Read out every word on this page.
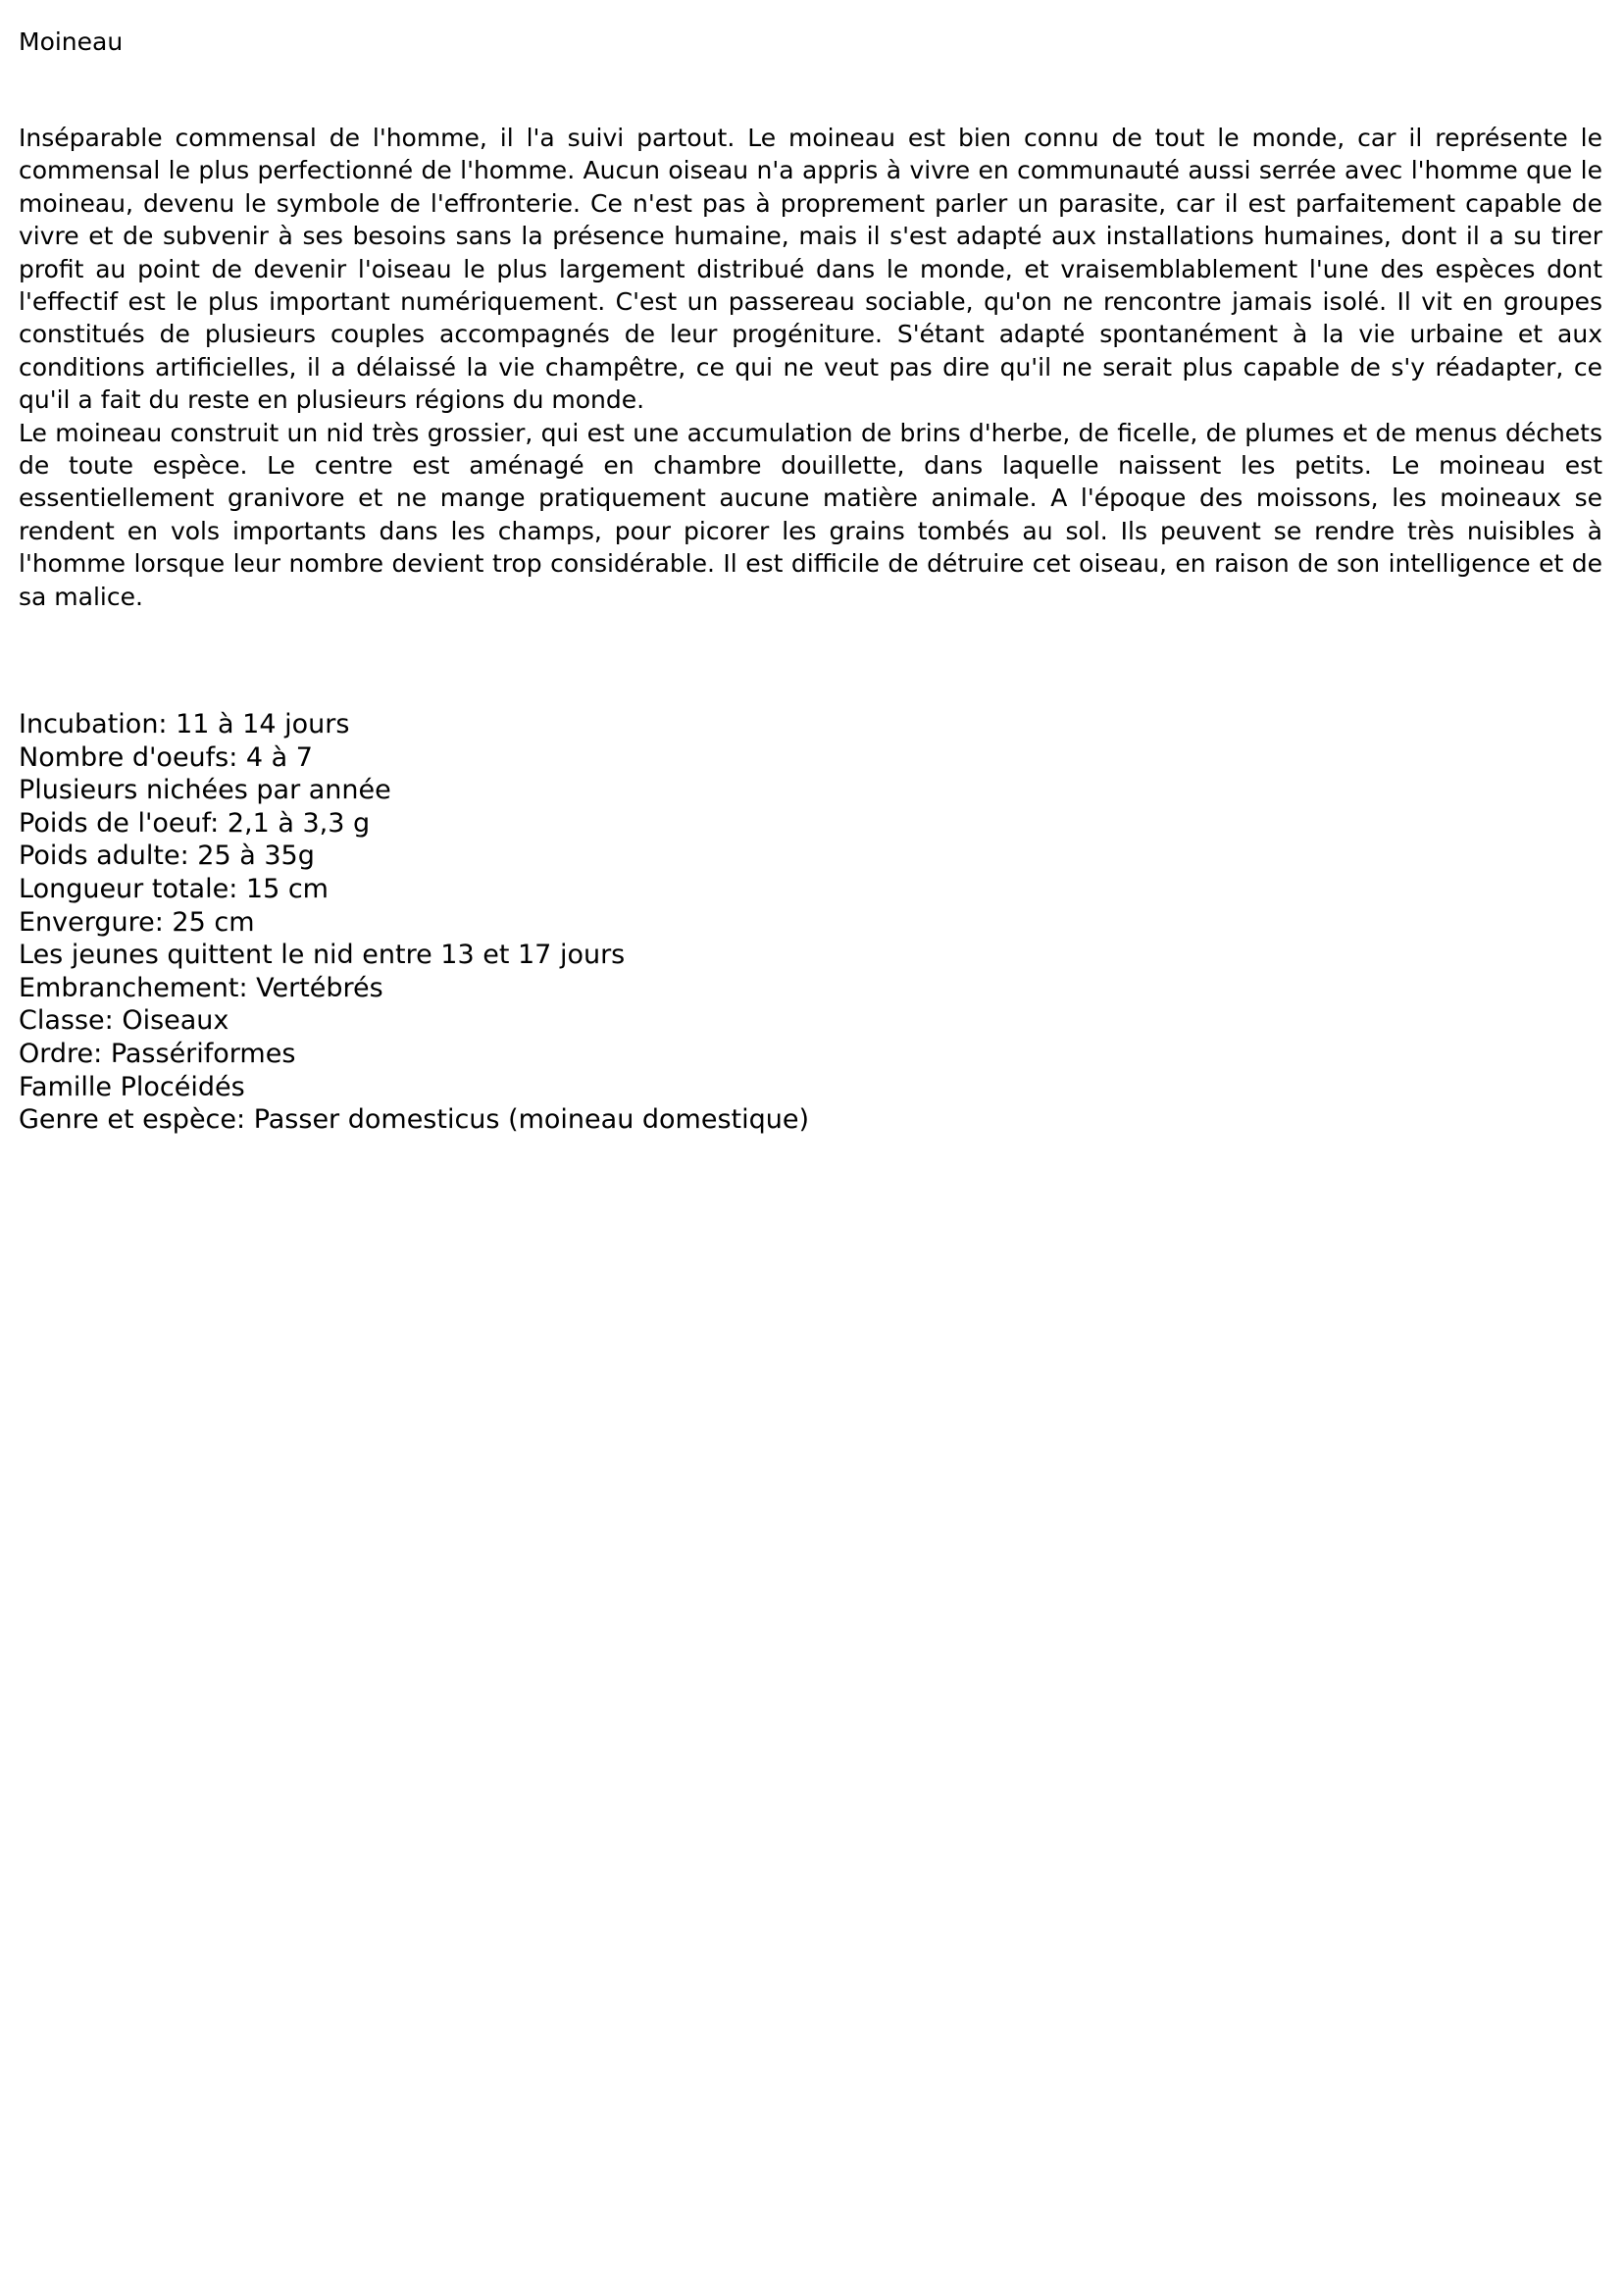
Moineau

Inséparable commensal de l'homme, il l'a suivi partout. Le moineau est bien connu de tout le monde, car il représente le commensal le plus perfectionné de l'homme. Aucun oiseau n'a appris à vivre en communauté aussi serrée avec l'homme que le moineau, devenu le symbole de l'effronterie. Ce n'est pas à proprement parler un parasite, car il est parfaitement capable de vivre et de subvenir à ses besoins sans la présence humaine, mais il s'est adapté aux installations humaines, dont il a su tirer profit au point de devenir l'oiseau le plus largement distribué dans le monde, et vraisemblablement l'une des espèces dont l'effectif est le plus important numériquement. C'est un passereau sociable, qu'on ne rencontre jamais isolé. Il vit en groupes constitués de plusieurs couples accompagnés de leur progéniture. S'étant adapté spontanément à la vie urbaine et aux conditions artificielles, il a délaissé la vie champêtre, ce qui ne veut pas dire qu'il ne serait plus capable de s'y réadapter, ce qu'il a fait du reste en plusieurs régions du monde.

Le moineau construit un nid très grossier, qui est une accumulation de brins d'herbe, de ficelle, de plumes et de menus déchets de toute espèce. Le centre est aménagé en chambre douillette, dans laquelle naissent les petits. Le moineau est essentiellement granivore et ne mange pratiquement aucune matière animale. A l'époque des moissons, les moineaux se rendent en vols importants dans les champs, pour picorer les grains tombés au sol. Ils peuvent se rendre très nuisibles à l'homme lorsque leur nombre devient trop considérable. Il est difficile de détruire cet oiseau, en raison de son intelligence et de sa malice.

Incubation: 11 à 14 jours
Nombre d'oeufs: 4 à 7
Plusieurs nichées par année
Poids de l'oeuf: 2,1 à 3,3 g
Poids adulte: 25 à 35g
Longueur totale: 15 cm
Envergure: 25 cm
Les jeunes quittent le nid entre 13 et 17 jours
Embranchement: Vertébrés
Classe: Oiseaux
Ordre: Passériformes
Famille Plocéidés
Genre et espèce: Passer domesticus (moineau domestique)
